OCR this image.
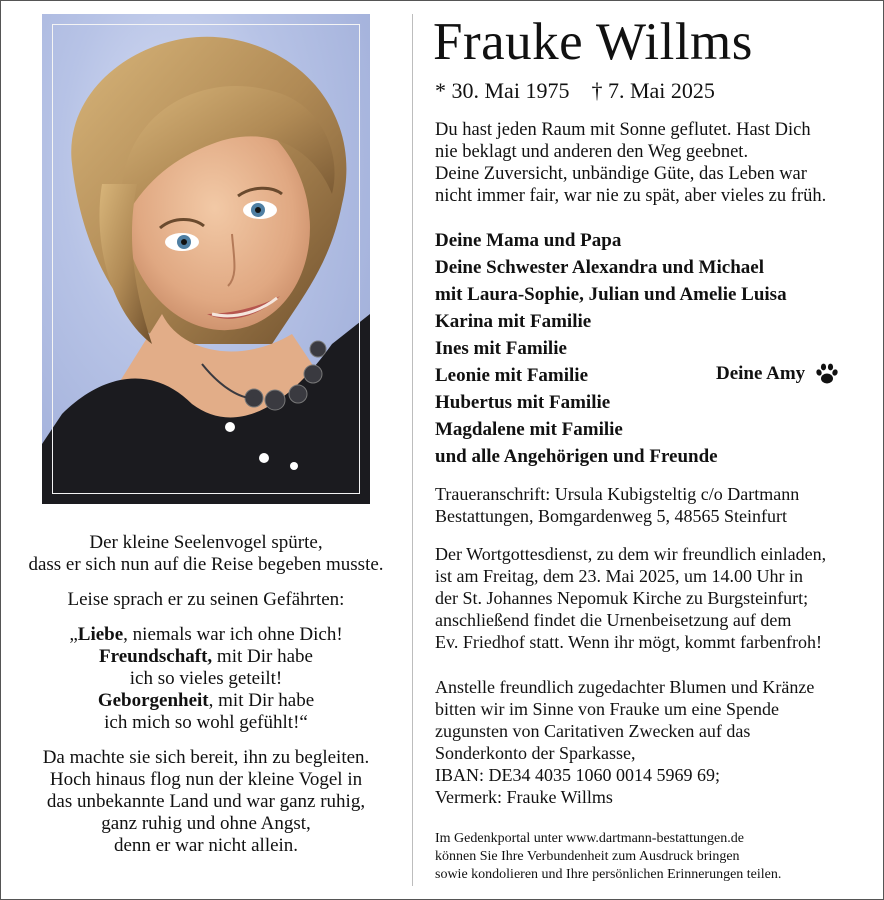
Der kleine Seelenvogel spürte,
dass er sich nun auf die Reise begeben musste.

Leise sprach er zu seinen Gefährten:

„Liebe, niemals war ich ohne Dich!
Freundschaft, mit Dir habe
ich so vieles geteilt!
Geborgenheit, mit Dir habe
ich mich so wohl gefühlt!“

Da machte sie sich bereit, ihn zu begleiten.
Hoch hinaus flog nun der kleine Vogel in
das unbekannte Land und war ganz ruhig,
ganz ruhig und ohne Angst,
denn er war nicht allein.

Frauke Willms
* 30. Mai 1975 † 7. Mai 2025
Du hast jeden Raum mit Sonne geflutet. Hast Dich
nie beklagt und anderen den Weg geebnet.
Deine Zuversicht, unbändige Güte, das Leben war
nicht immer fair, war nie zu spät, aber vieles zu früh.
Deine Mama und Papa
Deine Schwester Alexandra und Michael
mit Laura-Sophie, Julian und Amelie Luisa
Karina mit Familie
Ines mit Familie
Leonie mit Familie
Hubertus mit Familie
Magdalene mit Familie
und alle Angehörigen und Freunde
Deine Amy
Traueranschrift: Ursula Kubigsteltig c/o Dartmann
Bestattungen, Bomgardenweg 5, 48565 Steinfurt
Der Wortgottesdienst, zu dem wir freundlich einladen,
ist am Freitag, dem 23. Mai 2025, um 14.00 Uhr in
der St. Johannes Nepomuk Kirche zu Burgsteinfurt;
anschließend findet die Urnenbeisetzung auf dem
Ev. Friedhof statt. Wenn ihr mögt, kommt farbenfroh!
Anstelle freundlich zugedachter Blumen und Kränze
bitten wir im Sinne von Frauke um eine Spende
zugunsten von Caritativen Zwecken auf das
Sonderkonto der Sparkasse,
IBAN: DE34 4035 1060 0014 5969 69;
Vermerk: Frauke Willms
Im Gedenkportal unter www.dartmann-bestattungen.de
können Sie Ihre Verbundenheit zum Ausdruck bringen
sowie kondolieren und Ihre persönlichen Erinnerungen teilen.
